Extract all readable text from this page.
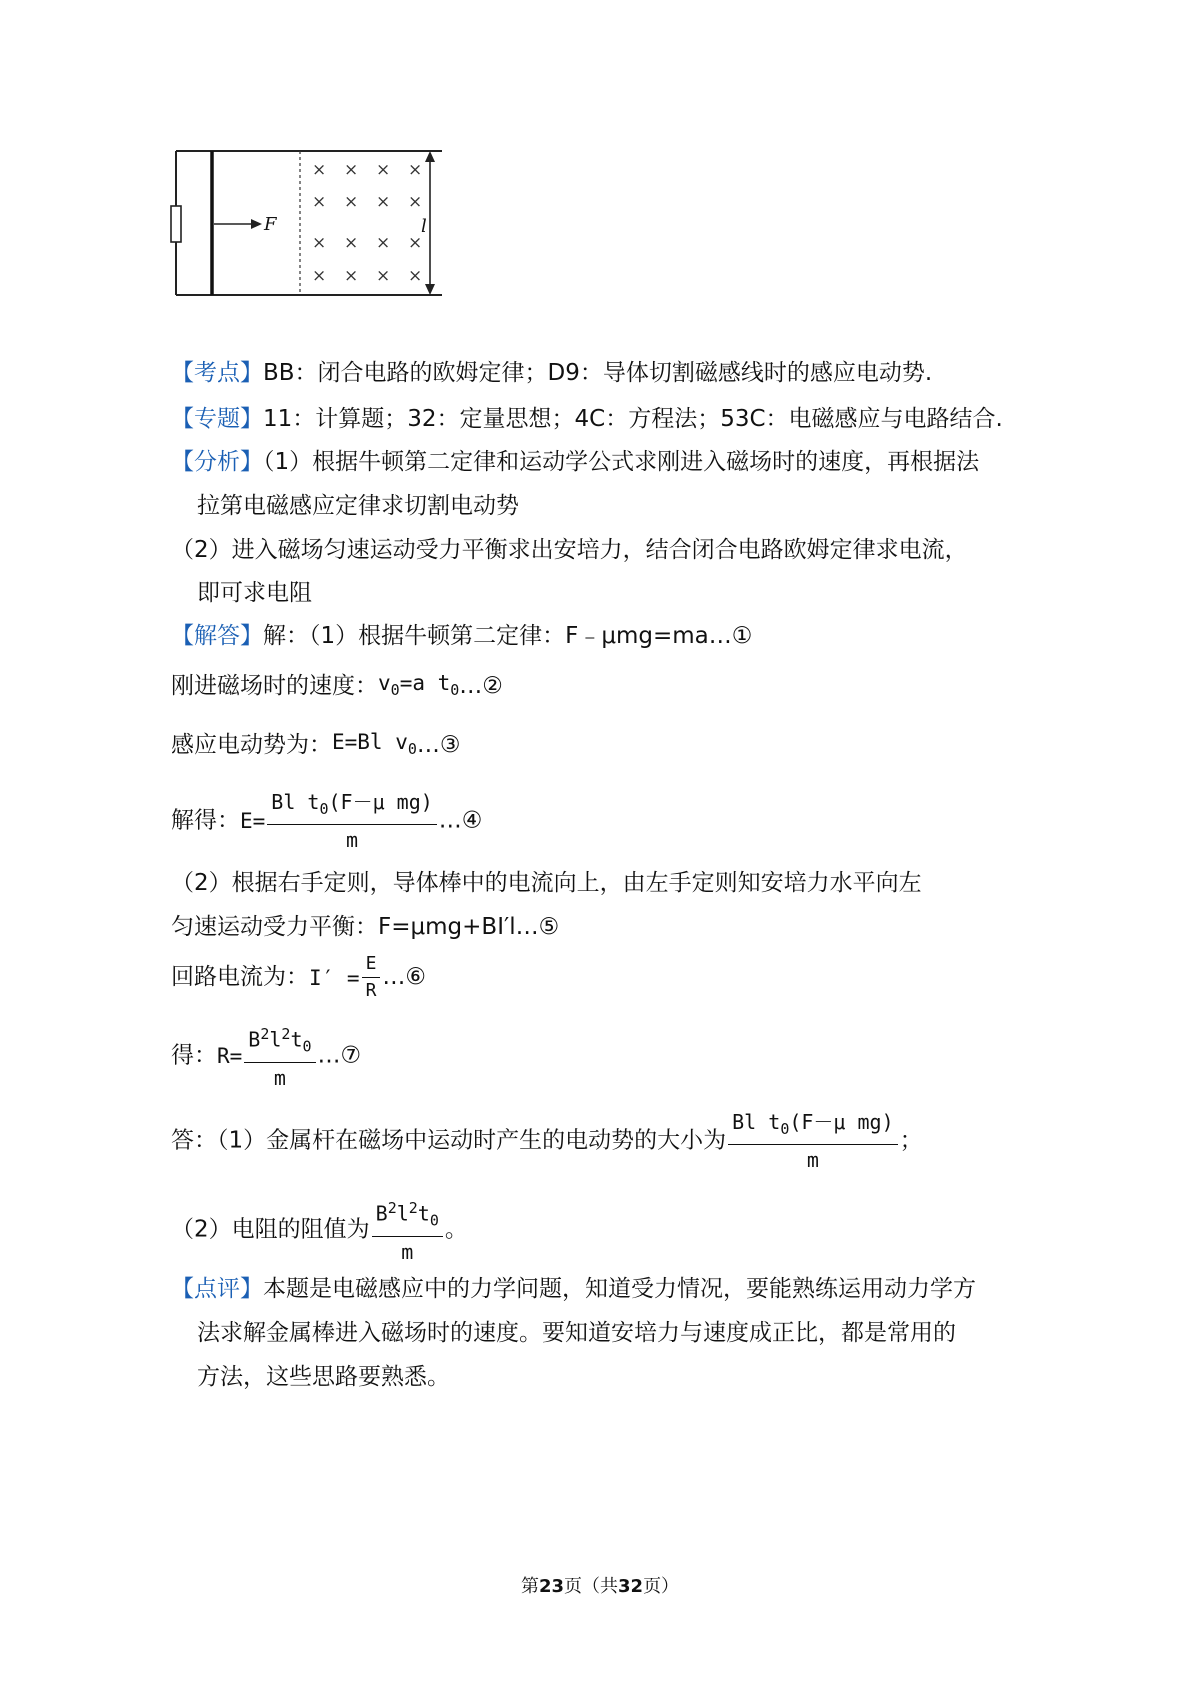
F
× × × ×
× × × ×
× × × ×
× × × ×
l
【考点】BB：闭合电路的欧姆定律；D9：导体切割磁感线时的感应电动势.
【专题】11：计算题；32：定量思想；4C：方程法；53C：电磁感应与电路结合.
【分析】（1）根据牛顿第二定律和运动学公式求刚进入磁场时的速度，再根据法
拉第电磁感应定律求切割电动势
（2）进入磁场匀速运动受力平衡求出安培力，结合闭合电路欧姆定律求电流，
即可求电阻
【解答】解：（1）根据牛顿第二定律：F﹣μmg=ma…①
刚进磁场时的速度：$v_0=a$ $t_0\dots ②$
感应电动势为：E=Bl $v_0\dots ③$
解得：$E= \frac{Bl t_0(F-\mu mg)}{m}$ …④
（2）根据右手定则，导体棒中的电流向上，由左手定则知安培力水平向左
匀速运动受力平衡：F=μmg+BI′l…⑤
回路电流为：$I' = \frac{E}{R}$ …⑥
得：$R= \frac{B^2l^2t_0}{m}$ …⑦
答：（1）金属杆在磁场中运动时产生的电动势的大小为 $\frac{Bl t_0(F-\mu mg)}{m}$ ；
（2）电阻的阻值为 $\frac{B^2l^2t_0}{m}$ 。
【点评】本题是电磁感应中的力学问题，知道受力情况，要能熟练运用动力学方
法求解金属棒进入磁场时的速度。要知道安培力与速度成正比，都是常用的
方法，这些思路要熟悉。
第23页（共32页）
